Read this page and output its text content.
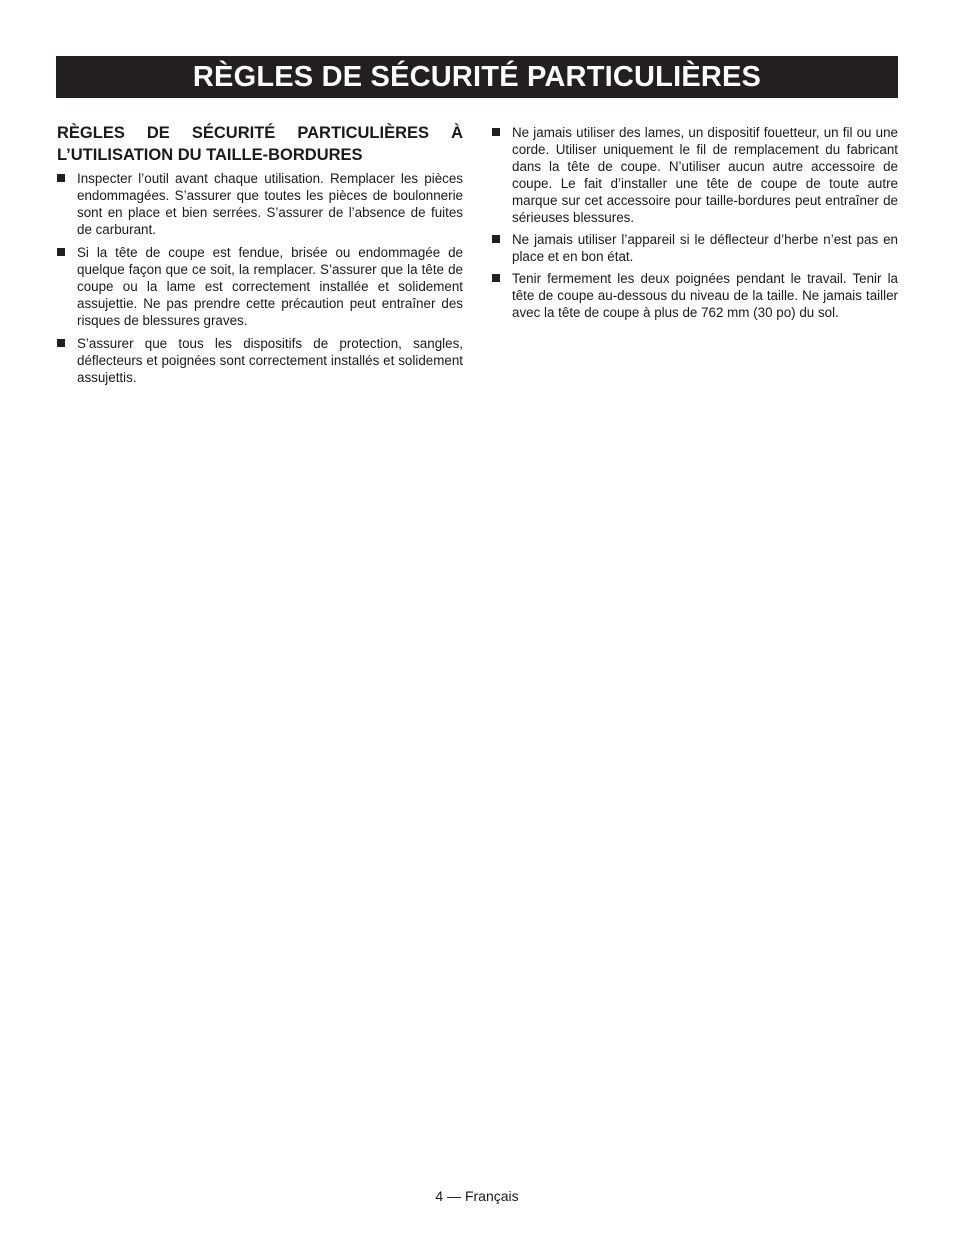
RÈGLES DE SÉCURITÉ PARTICULIÈRES
RÈGLES DE SÉCURITÉ PARTICULIÈRES À L’UTILISATION DU TAILLE-BORDURES
Inspecter l’outil avant chaque utilisation. Remplacer les pièces endommagées. S’assurer que toutes les pièces de boulonnerie sont en place et bien serrées. S’assurer de l’absence de fuites de carburant.
Si la tête de coupe est fendue, brisée ou endommagée de quelque façon que ce soit, la remplacer. S’assurer que la tête de coupe ou la lame est correctement installée et solidement assujettie. Ne pas prendre cette précaution peut entraîner des risques de blessures graves.
S’assurer que tous les dispositifs de protection, sangles, déflecteurs et poignées sont correctement installés et solidement assujettis.
Ne jamais utiliser des lames, un dispositif fouetteur, un fil ou une corde. Utiliser uniquement le fil de remplacement du fabricant dans la tête de coupe. N’utiliser aucun autre accessoire de coupe. Le fait d’installer une tête de coupe de toute autre marque sur cet accessoire pour taille-bordures peut entraîner de sérieuses blessures.
Ne jamais utiliser l’appareil si le déflecteur d’herbe n’est pas en place et en bon état.
Tenir fermement les deux poignées pendant le travail. Tenir la tête de coupe au-dessous du niveau de la taille. Ne jamais tailler avec la tête de coupe à plus de 762 mm (30 po) du sol.
4 — Français
